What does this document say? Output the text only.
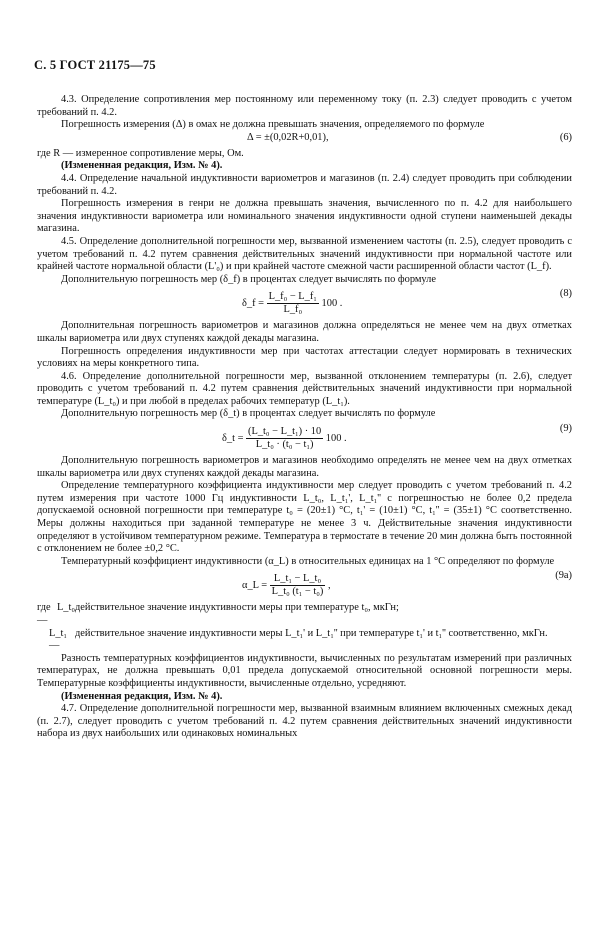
С. 5 ГОСТ 21175—75

4.3. Определение сопротивления мер постоянному или переменному току (п. 2.3) следует проводить с учетом требований п. 4.2.

Погрешность измерения (Δ) в омах не должна превышать значения, определяемого по формуле

Δ = ±(0,02R+0,01),	(6)

где R — измеренное сопротивление меры, Ом.

(Измененная редакция, Изм. № 4).

4.4. Определение начальной индуктивности вариометров и магазинов (п. 2.4) следует проводить при соблюдении требований п. 4.2.

Погрешность измерения в генри не должна превышать значения, вычисленного по п. 4.2 для наибольшего значения индуктивности вариометра или номинального значения индуктивности одной ступени наименьшей декады магазина.

4.5. Определение дополнительной погрешности мер, вызванной изменением частоты (п. 2.5), следует проводить с учетом требований п. 4.2 путем сравнения действительных значений индуктивности при нормальной частоте или крайней частоте нормальной области (L'₀) и при крайней частоте смежной части расширенной области частот (L_f).

Дополнительную погрешность мер (δ_f) в процентах следует вычислять по формуле

δ_f = $\frac{\text{L\_f₀ − L\_f₁}}{\text{L\_f₀}} 100$ .
(8)

Дополнительная погрешность вариометров и магазинов должна определяться не менее чем на двух отметках шкалы вариометра или двух ступенях каждой декады магазина.

Погрешность определения индуктивности мер при частотах аттестации следует нормировать в технических условиях на меры конкретного типа.

4.6. Определение дополнительной погрешности мер, вызванной отклонением температуры (п. 2.6), следует проводить с учетом требований п. 4.2 путем сравнения действительных значений индуктивности при нормальной температуре (L_t₀) и при любой в пределах рабочих температур (L_t₁).

Дополнительную погрешность мер (δ_t) в процентах следует вычислять по формуле

δ_t = $\frac{\text{(L\_t₀ − L\_t₁) · 10}}{\text{L\_t₀ · (t₀ − t₁)}} 100$ .
(9)

Дополнительную погрешность вариометров и магазинов необходимо определять не менее чем на двух отметках шкалы вариометра или двух ступенях каждой декады магазина.

Определение температурного коэффициента индуктивности мер следует проводить с учетом требований п. 4.2 путем измерения при частоте 1000 Гц индуктивности L_t₀, L_t₁', L_t₁'' с погрешностью не более 0,2 предела допускаемой основной погрешности при температуре t₀ = (20±1) °С, t₁' = (10±1) °С, t₁'' = (35±1) °С соответственно. Меры должны находиться при заданной температуре не менее 3 ч. Действительные значения индуктивности определяют в устойчивом температурном режиме. Температура в термостате в течение 20 мин должна быть постоянной с отклонением не более ±0,2 °С.

Температурный коэффициент индуктивности (α_L) в относительных единицах на 1 °С определяют по формуле

α_L = $\frac{\text{L\_t₁ − L\_t₀}}{\text{L\_t₀ (t₁ − t₀)}}$ ,
(9а)
где L_t₀ —
действительное значение индуктивности меры при температуре t₀, мкГн;
L_t₁ —
действительное значение индуктивности меры L_t₁' и L_t₁'' при температуре t₁' и t₁'' соответственно, мкГн.

Разность температурных коэффициентов индуктивности, вычисленных по результатам измерений при различных температурах, не должна превышать 0,01 предела допускаемой относительной основной погрешности меры. Температурные коэффициенты индуктивности, вычисленные отдельно, усредняют.

(Измененная редакция, Изм. № 4).

4.7. Определение дополнительной погрешности мер, вызванной взаимным влиянием включенных смежных декад (п. 2.7), следует проводить с учетом требований п. 4.2 путем сравнения действительных значений индуктивности набора из двух наибольших или одинаковых номинальных
